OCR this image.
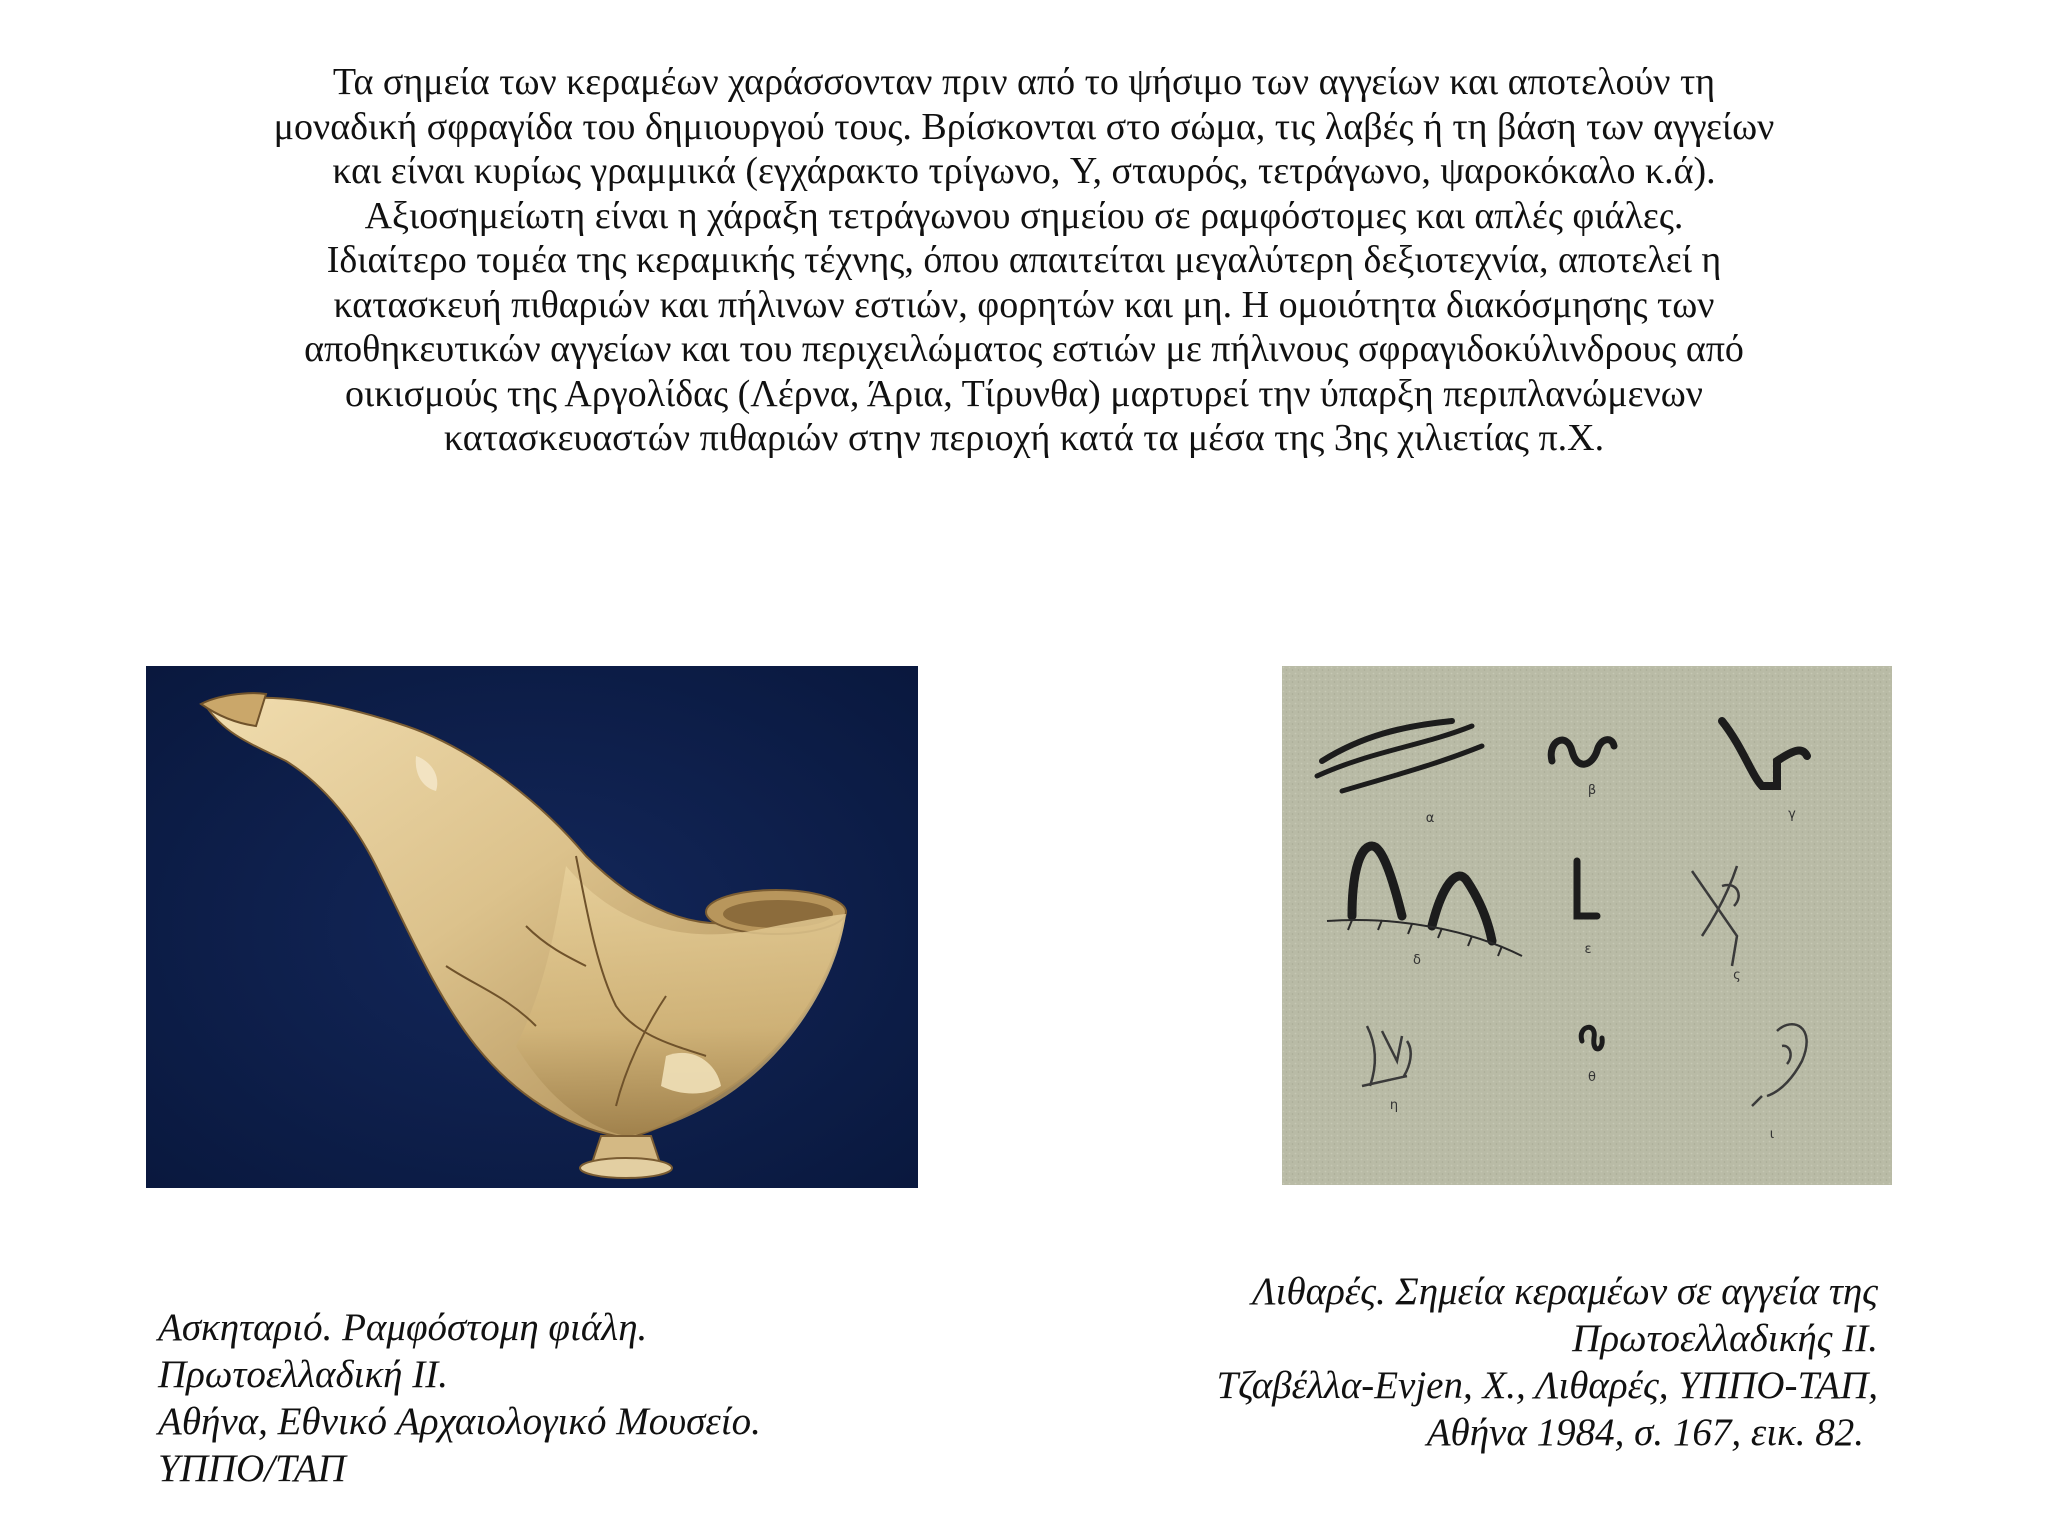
Τα σημεία των κεραμέων χαράσσονταν πριν από το ψήσιμο των αγγείων και αποτελούν τη
μοναδική σφραγίδα του δημιουργού τους. Βρίσκονται στο σώμα, τις λαβές ή τη βάση των αγγείων
και είναι κυρίως γραμμικά (εγχάρακτο τρίγωνο, Y, σταυρός, τετράγωνο, ψαροκόκαλο κ.ά).
Αξιοσημείωτη είναι η χάραξη τετράγωνου σημείου σε ραμφόστομες και απλές φιάλες.
Ιδιαίτερο τομέα της κεραμικής τέχνης, όπου απαιτείται μεγαλύτερη δεξιοτεχνία, αποτελεί η
κατασκευή πιθαριών και πήλινων εστιών, φορητών και μη. Η ομοιότητα διακόσμησης των
αποθηκευτικών αγγείων και του περιχειλώματος εστιών με πήλινους σφραγιδοκύλινδρους από
οικισμούς της Αργολίδας (Λέρνα, Άρια, Τίρυνθα) μαρτυρεί την ύπαρξη περιπλανώμενων
κατασκευαστών πιθαριών στην περιοχή κατά τα μέσα της 3ης χιλιετίας π.Χ.
α
β
γ
δ
ε
ς
η
θ
ι
Ασκηταριό. Ραμφόστομη φιάλη.
Πρωτοελλαδική ΙΙ.
Αθήνα, Εθνικό Αρχαιολογικό Μουσείο.
ΥΠΠΟ/ΤΑΠ
Λιθαρές. Σημεία κεραμέων σε αγγεία της
Πρωτοελλαδικής ΙΙ.
Τζαβέλλα-Evjen, Χ., Λιθαρές, ΥΠΠΟ-ΤΑΠ,
Αθήνα 1984, σ. 167, εικ. 82.
